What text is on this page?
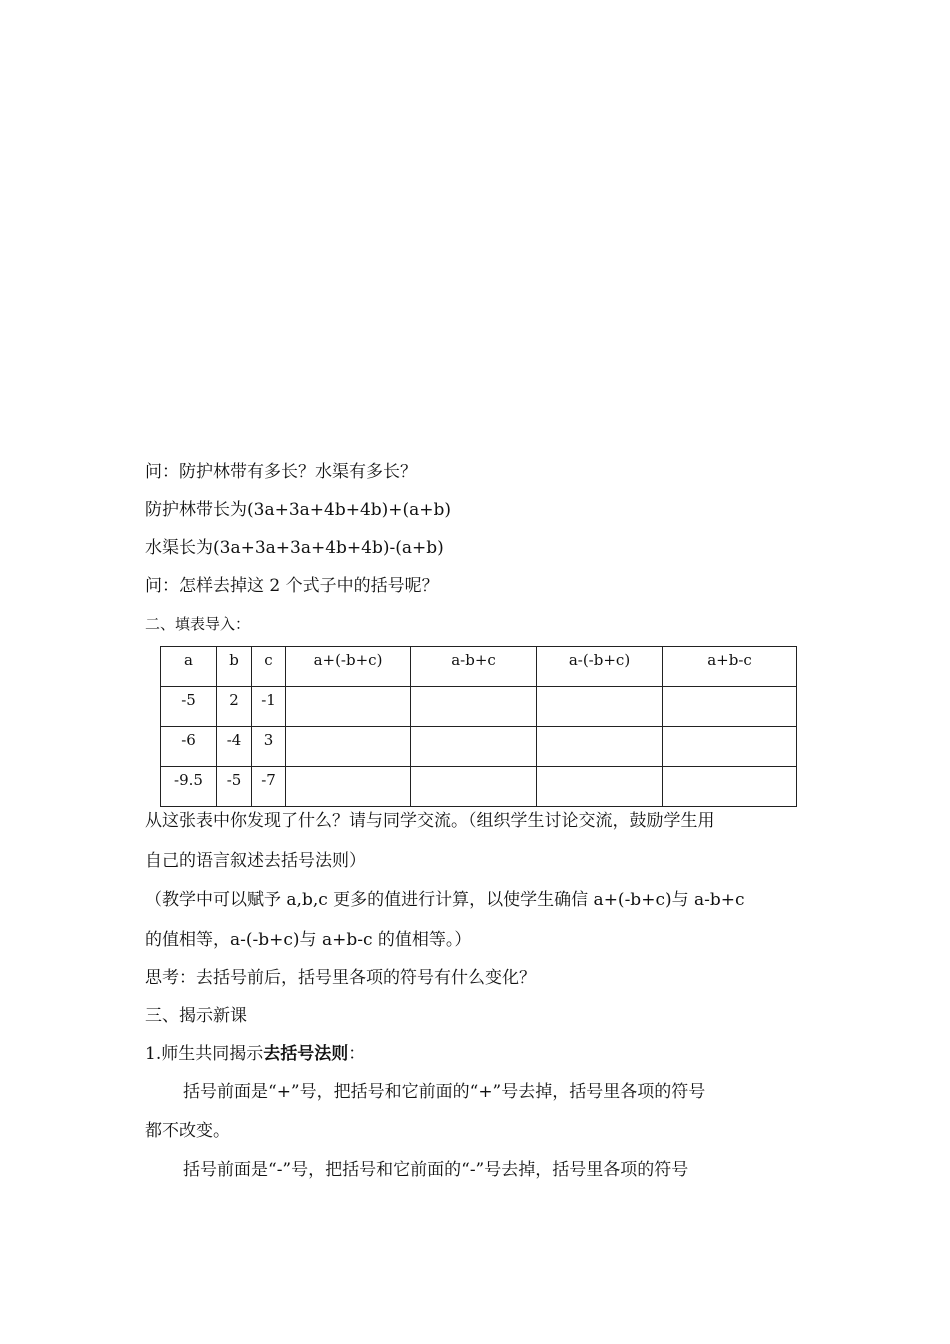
问：防护林带有多长？水渠有多长？
防护林带长为(3a+3a+4b+4b)+(a+b)
水渠长为(3a+3a+3a+4b+4b)-(a+b)
问：怎样去掉这 2 个式子中的括号呢？
二、填表导入：
a	b	c	a+(-b+c)	a-b+c	a-(-b+c)	a+b-c
-5	2	-1				
-6	-4	3				
-9.5	-5	-7				
从这张表中你发现了什么？请与同学交流。（组织学生讨论交流，鼓励学生用
自己的语言叙述去括号法则）
（教学中可以赋予 a,b,c 更多的值进行计算，以使学生确信 a+(-b+c)与 a-b+c
的值相等，a-(-b+c)与 a+b-c 的值相等。）
思考：去括号前后，括号里各项的符号有什么变化？
三、揭示新课
1.师生共同揭示去括号法则：
括号前面是“+”号，把括号和它前面的“+”号去掉，括号里各项的符号
都不改变。
括号前面是“-”号，把括号和它前面的“-”号去掉，括号里各项的符号
